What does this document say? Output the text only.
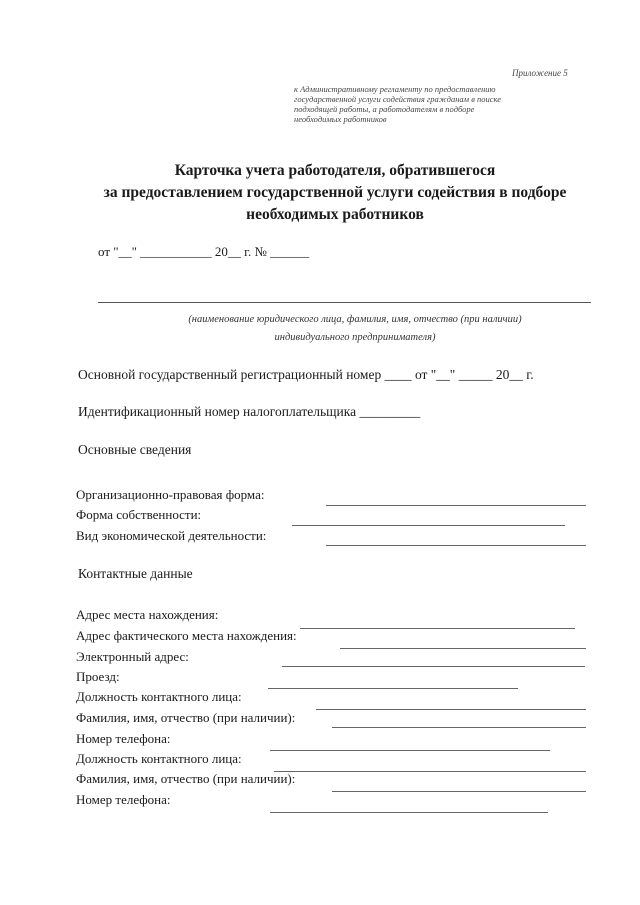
Приложение 5
к Административному регламенту по предоставлению
государственной услуги содействия гражданам в поиске
подходящей работы, а работодателям в подборе
необходимых работников
Карточка учета работодателя, обратившегося
за предоставлением государственной услуги содействия в подборе
необходимых работников
от "__" ___________ 20__ г. № ______
(наименование юридического лица, фамилия, имя, отчество (при наличии)
индивидуального предпринимателя)
Основной государственный регистрационный номер ____ от "__" _____ 20__ г.
Идентификационный номер налогоплательщика _________
Основные сведения
Организационно-правовая форма:
Форма собственности:
Вид экономической деятельности:
Контактные данные
Адрес места нахождения:
Адрес фактического места нахождения:
Электронный адрес:
Проезд:
Должность контактного лица:
Фамилия, имя, отчество (при наличии):
Номер телефона:
Должность контактного лица:
Фамилия, имя, отчество (при наличии):
Номер телефона:
